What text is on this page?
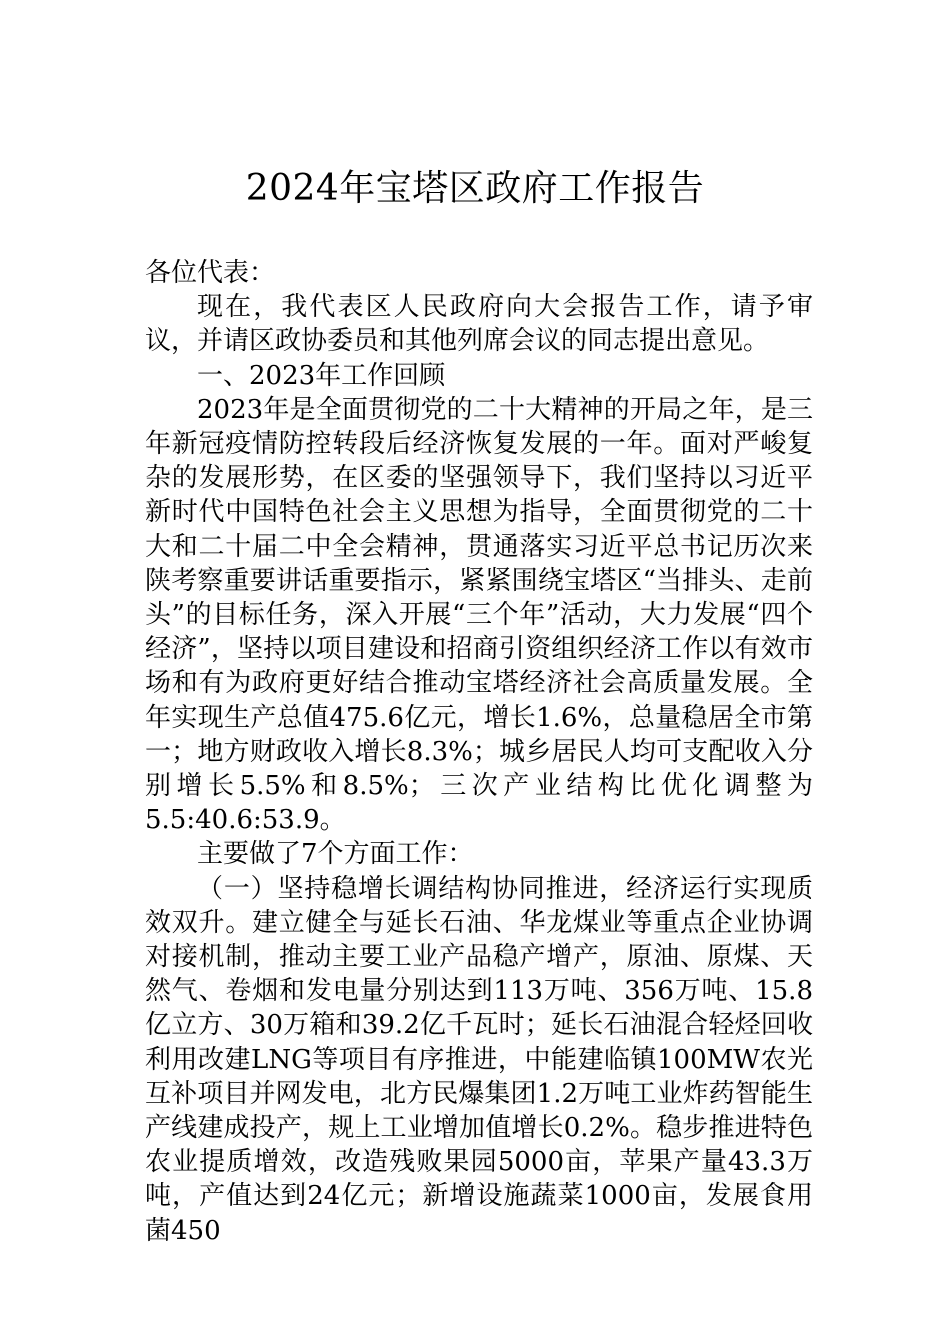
2024年宝塔区政府工作报告

各位代表：

现在，我代表区人民政府向大会报告工作，请予审议，并请区政协委员和其他列席会议的同志提出意见。

一、2023年工作回顾

2023年是全面贯彻党的二十大精神的开局之年，是三年新冠疫情防控转段后经济恢复发展的一年。面对严峻复杂的发展形势，在区委的坚强领导下，我们坚持以习近平新时代中国特色社会主义思想为指导，全面贯彻党的二十大和二十届二中全会精神，贯通落实习近平总书记历次来陕考察重要讲话重要指示，紧紧围绕宝塔区“当排头、走前头”的目标任务，深入开展“三个年”活动，大力发展“四个经济”，坚持以项目建设和招商引资组织经济工作以有效市场和有为政府更好结合推动宝塔经济社会高质量发展。全年实现生产总值475.6亿元，增长1.6%，总量稳居全市第一；地方财政收入增长8.3%；城乡居民人均可支配收入分别增长5.5%和8.5%；三次产业结构比优化调整为5.5:40.6:53.9。

主要做了7个方面工作：

（一）坚持稳增长调结构协同推进，经济运行实现质效双升。建立健全与延长石油、华龙煤业等重点企业协调对接机制，推动主要工业产品稳产增产，原油、原煤、天然气、卷烟和发电量分别达到113万吨、356万吨、15.8亿立方、30万箱和39.2亿千瓦时；延长石油混合轻烃回收利用改建LNG等项目有序推进，中能建临镇100MW农光互补项目并网发电，北方民爆集团1.2万吨工业炸药智能生产线建成投产，规上工业增加值增长0.2%。稳步推进特色农业提质增效，改造残败果园5000亩，苹果产量43.3万吨，产值达到24亿元；新增设施蔬菜1000亩，发展食用菌450
